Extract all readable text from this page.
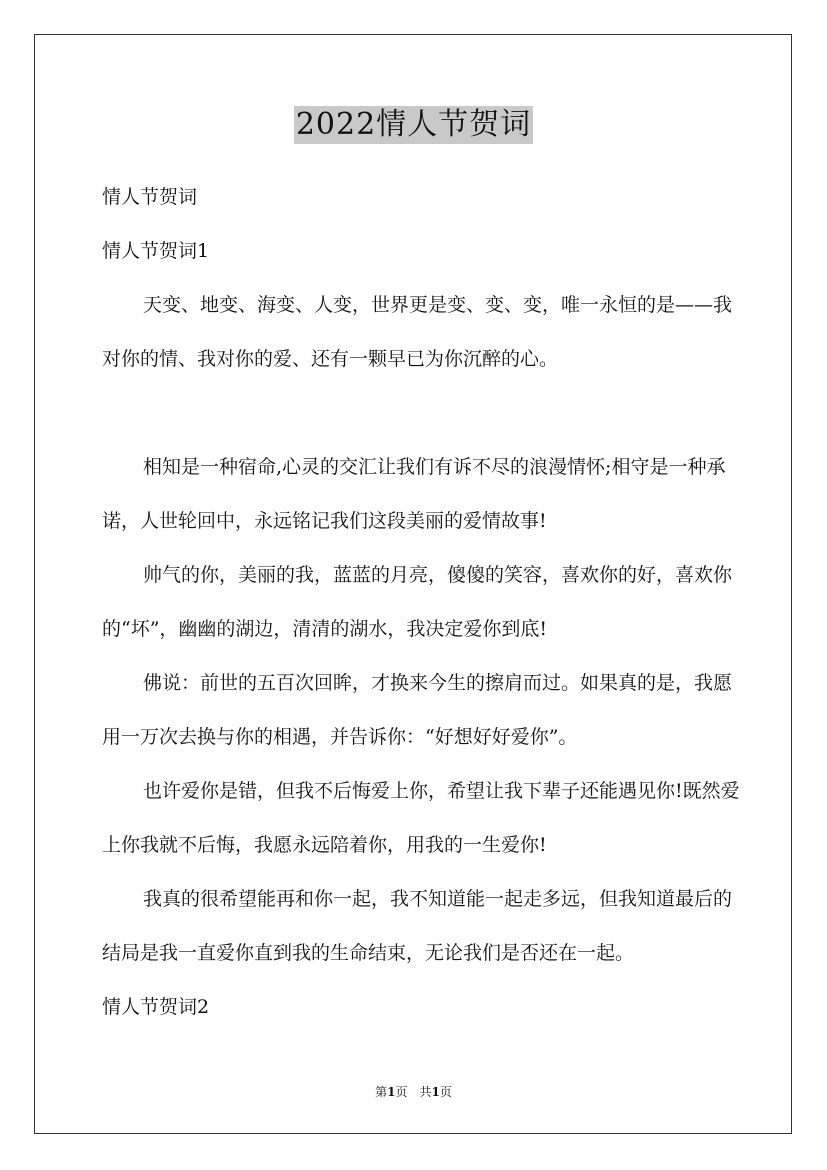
2022情人节贺词

情人节贺词

情人节贺词1

天变、地变、海变、人变，世界更是变、变、变，唯一永恒的是——我对你的情、我对你的爱、还有一颗早已为你沉醉的心。

相知是一种宿命,心灵的交汇让我们有诉不尽的浪漫情怀;相守是一种承诺，人世轮回中，永远铭记我们这段美丽的爱情故事!

帅气的你，美丽的我，蓝蓝的月亮，傻傻的笑容，喜欢你的好，喜欢你的“坏”，幽幽的湖边，清清的湖水，我决定爱你到底!

佛说：前世的五百次回眸，才换来今生的擦肩而过。如果真的是，我愿用一万次去换与你的相遇，并告诉你：“好想好好爱你”。

也许爱你是错，但我不后悔爱上你，希望让我下辈子还能遇见你!既然爱上你我就不后悔，我愿永远陪着你，用我的一生爱你!

我真的很希望能再和你一起，我不知道能一起走多远，但我知道最后的结局是我一直爱你直到我的生命结束，无论我们是否还在一起。

情人节贺词2

第1页 共1页
